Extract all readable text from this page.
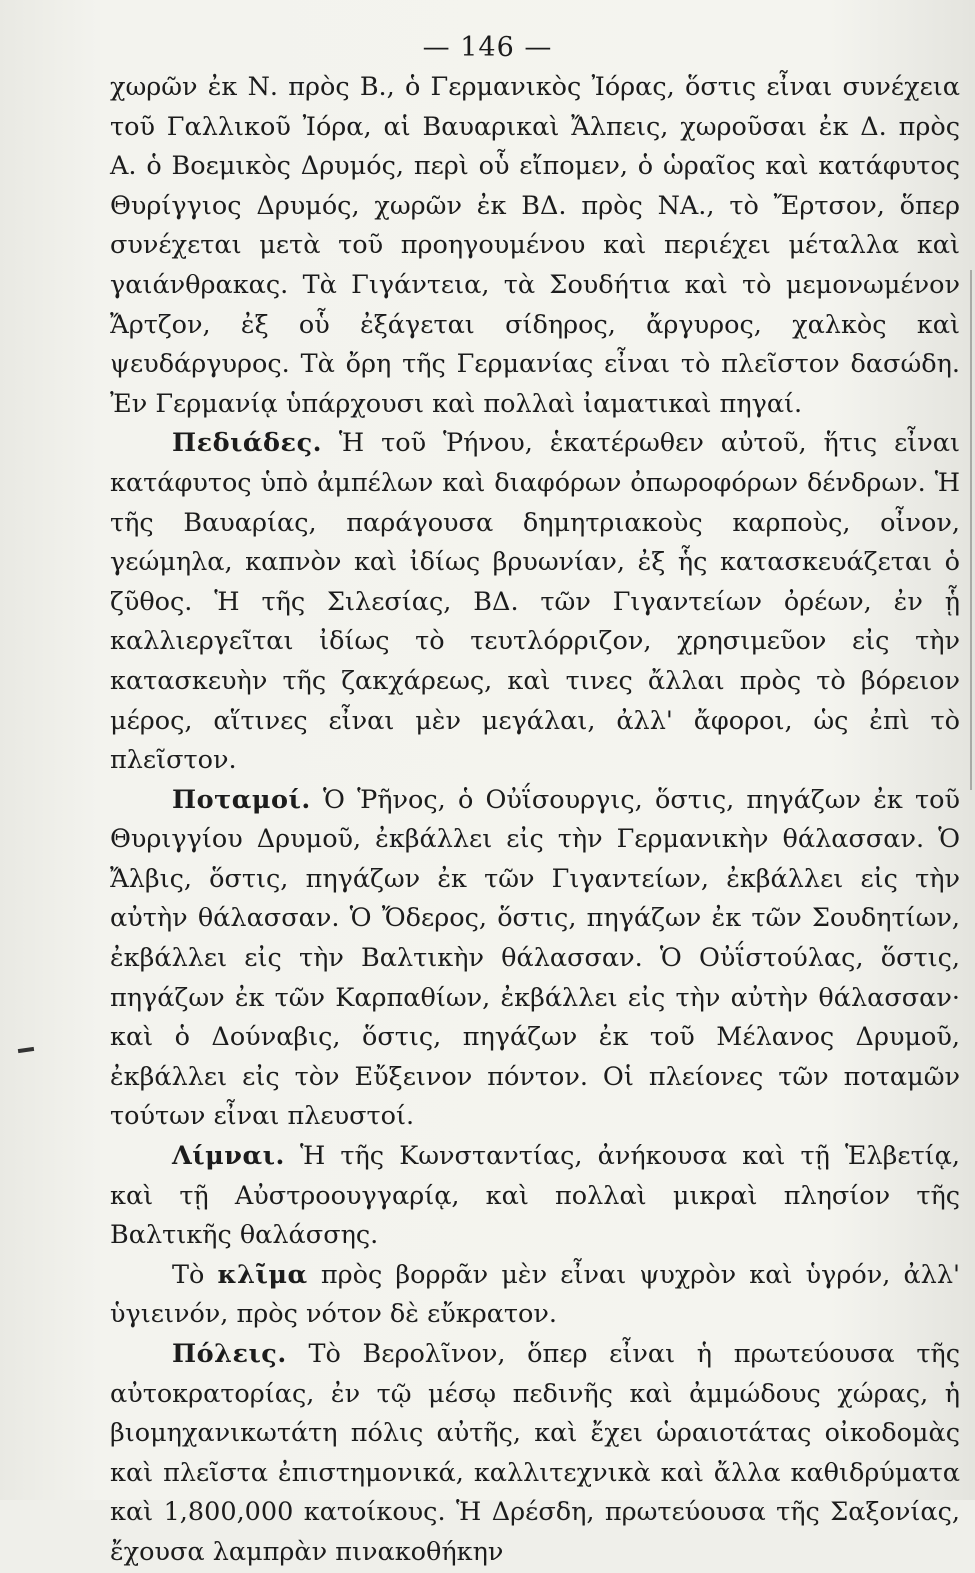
— 146 —

χωρῶν ἐκ Ν. πρὸς Β., ὁ Γερμανικὸς Ἰόρας, ὅστις εἶναι συνέχεια τοῦ Γαλλικοῦ Ἰόρα, αἱ Βαυαρικαὶ Ἄλπεις, χωροῦσαι ἐκ Δ. πρὸς Α. ὁ Βοεμικὸς Δρυμός, περὶ οὗ εἴπομεν, ὁ ὡραῖος καὶ κατάφυτος Θυρίγγιος Δρυμός, χωρῶν ἐκ ΒΔ. πρὸς ΝΑ., τὸ Ἔρτσον, ὅπερ συνέχεται μετὰ τοῦ προηγουμένου καὶ περιέχει μέταλλα καὶ γαιάνθρακας. Τὰ Γιγάντεια, τὰ Σουδήτια καὶ τὸ μεμονωμένον Ἄρτζον, ἐξ οὗ ἐξάγεται σίδηρος, ἄργυρος, χαλκὸς καὶ ψευδάργυρος. Τὰ ὄρη τῆς Γερμανίας εἶναι τὸ πλεῖστον δασώδη. Ἐν Γερμανίᾳ ὑπάρχουσι καὶ πολλαὶ ἰαματικαὶ πηγαί.

Πεδιάδες. Ἡ τοῦ Ῥήνου, ἑκατέρωθεν αὐτοῦ, ἥτις εἶναι κατάφυτος ὑπὸ ἀμπέλων καὶ διαφόρων ὀπωροφόρων δένδρων. Ἡ τῆς Βαυαρίας, παράγουσα δημητριακοὺς καρποὺς, οἶνον, γεώμηλα, καπνὸν καὶ ἰδίως βρυωνίαν, ἐξ ἧς κατασκευάζεται ὁ ζῦθος. Ἡ τῆς Σιλεσίας, ΒΔ. τῶν Γιγαντείων ὀρέων, ἐν ᾗ καλλιεργεῖται ἰδίως τὸ τευτλόρριζον, χρησιμεῦον εἰς τὴν κατασκευὴν τῆς ζακχάρεως, καὶ τινες ἄλλαι πρὸς τὸ βόρειον μέρος, αἵτινες εἶναι μὲν μεγάλαι, ἀλλ' ἄφοροι, ὡς ἐπὶ τὸ πλεῖστον.

Ποταμοί. Ὁ Ῥῆνος, ὁ Οὐΐσουργις, ὅστις, πηγάζων ἐκ τοῦ Θυριγγίου Δρυμοῦ, ἐκβάλλει εἰς τὴν Γερμανικὴν θάλασσαν. Ὁ Ἄλβις, ὅστις, πηγάζων ἐκ τῶν Γιγαντείων, ἐκβάλλει εἰς τὴν αὐτὴν θάλασσαν. Ὁ Ὄδερος, ὅστις, πηγάζων ἐκ τῶν Σουδητίων, ἐκβάλλει εἰς τὴν Βαλτικὴν θάλασσαν. Ὁ Οὐΐστούλας, ὅστις, πηγάζων ἐκ τῶν Καρπαθίων, ἐκβάλλει εἰς τὴν αὐτὴν θάλασσαν· καὶ ὁ Δούναβις, ὅστις, πηγάζων ἐκ τοῦ Μέλανος Δρυμοῦ, ἐκβάλλει εἰς τὸν Εὔξεινον πόντον. Οἱ πλείονες τῶν ποταμῶν τούτων εἶναι πλευστοί.

Λίμναι. Ἡ τῆς Κωνσταντίας, ἀνήκουσα καὶ τῇ Ἑλβετίᾳ, καὶ τῇ Αὐστροουγγαρίᾳ, καὶ πολλαὶ μικραὶ πλησίον τῆς Βαλτικῆς θαλάσσης.

Τὸ κλῖμα πρὸς βορρᾶν μὲν εἶναι ψυχρὸν καὶ ὑγρόν, ἀλλ' ὑγιεινόν, πρὸς νότον δὲ εὔκρατον.

Πόλεις. Τὸ Βερολῖνον, ὅπερ εἶναι ἡ πρωτεύουσα τῆς αὐτοκρατορίας, ἐν τῷ μέσῳ πεδινῆς καὶ ἀμμώδους χώρας, ἡ βιομηχανικωτάτη πόλις αὐτῆς, καὶ ἔχει ὡραιοτάτας οἰκοδομὰς καὶ πλεῖστα ἐπιστημονικά, καλλιτεχνικὰ καὶ ἄλλα καθιδρύματα καὶ 1,800,000 κατοίκους. Ἡ Δρέσδη, πρωτεύουσα τῆς Σαξονίας, ἔχουσα λαμπρὰν πινακοθήκην
